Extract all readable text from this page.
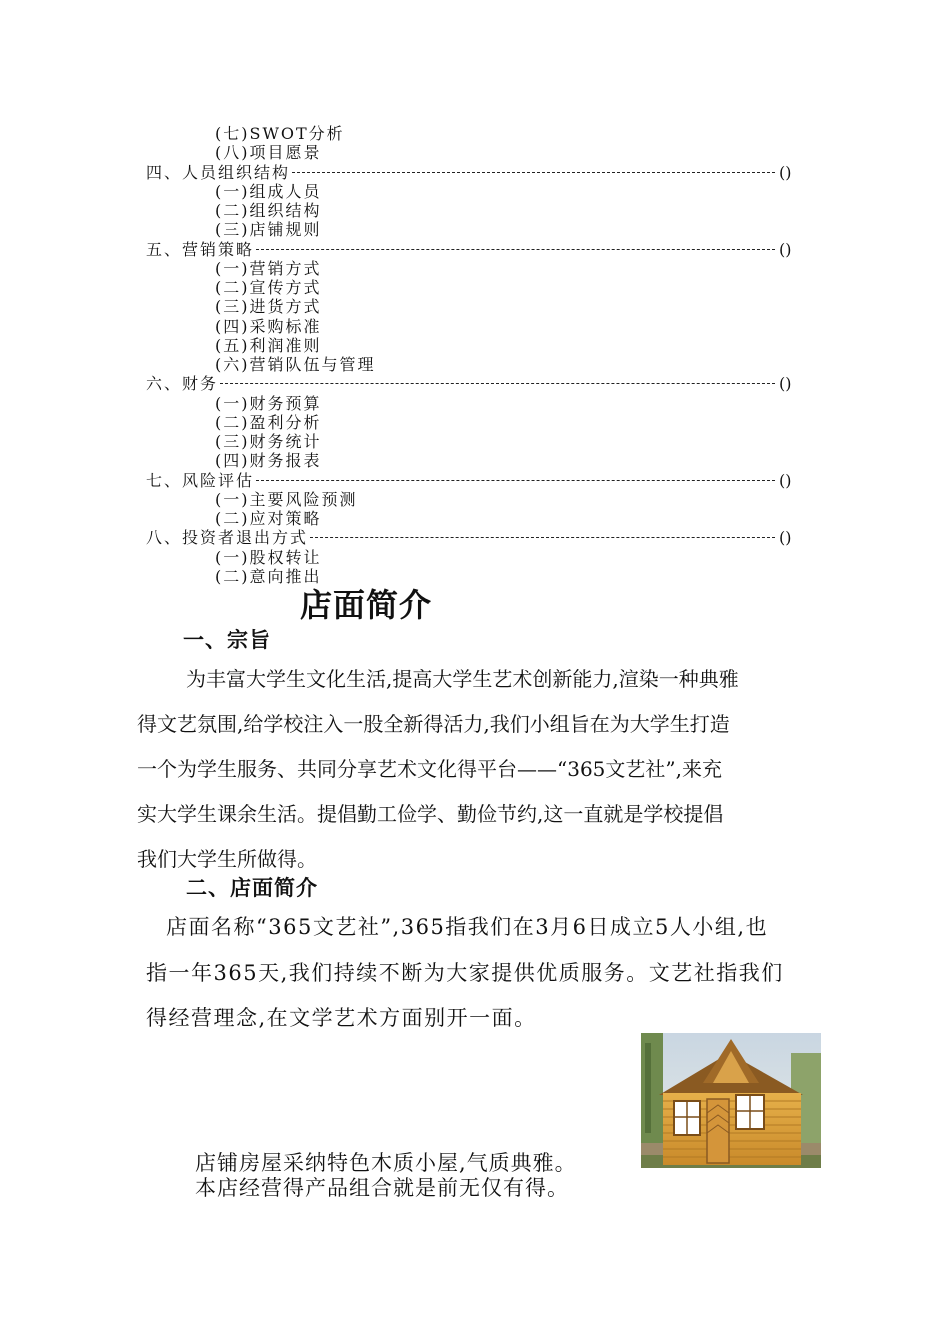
(七)SWOT分析
(八)项目愿景
四、人员组织结构	()
(一)组成人员
(二)组织结构
(三)店铺规则
五、营销策略	()
(一)营销方式
(二)宣传方式
(三)进货方式
(四)采购标准
(五)利润准则
(六)营销队伍与管理
六、财务	()
(一)财务预算
(二)盈利分析
(三)财务统计
(四)财务报表
七、风险评估	()
(一)主要风险预测
(二)应对策略
八、投资者退出方式	()
(一)股权转让
(二)意向推出
店面简介
一、宗旨
为丰富大学生文化生活,提高大学生艺术创新能力,渲染一种典雅
得文艺氛围,给学校注入一股全新得活力,我们小组旨在为大学生打造
一个为学生服务、共同分享艺术文化得平台——“365文艺社”,来充
实大学生课余生活。提倡勤工俭学、勤俭节约,这一直就是学校提倡
我们大学生所做得。
二、店面简介
店面名称“365文艺社”,365指我们在3月6日成立5人小组,也
指一年365天,我们持续不断为大家提供优质服务。文艺社指我们
得经营理念,在文学艺术方面别开一面。
店铺房屋采纳特色木质小屋,气质典雅。
本店经营得产品组合就是前无仅有得。
